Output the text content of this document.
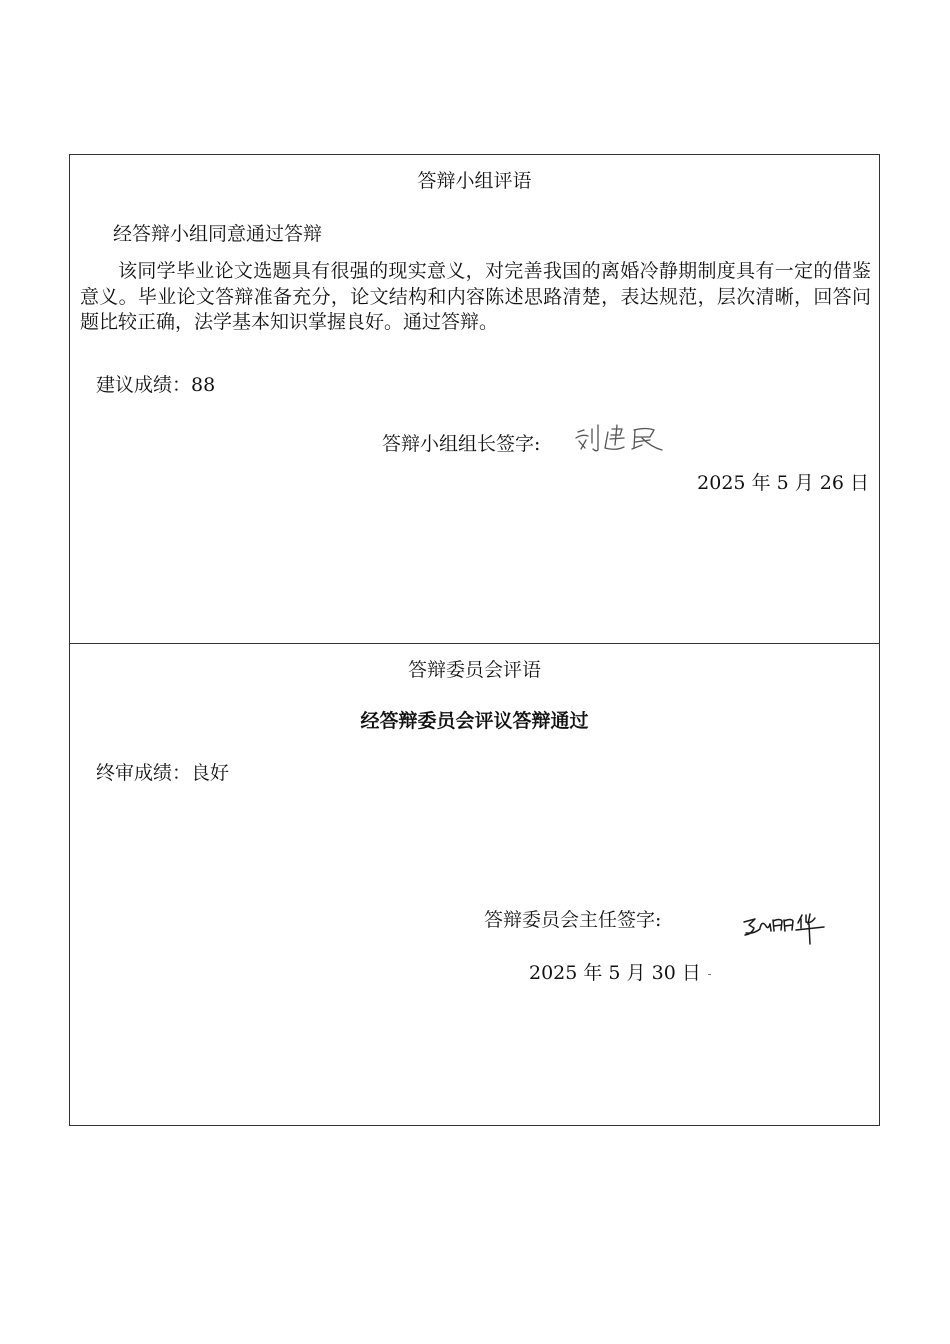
答辩小组评语
经答辩小组同意通过答辩
该同学毕业论文选题具有很强的现实意义，对完善我国的离婚冷静期制度具有一定的借鉴意义。毕业论文答辩准备充分，论文结构和内容陈述思路清楚，表达规范，层次清晰，回答问题比较正确，法学基本知识掌握良好。通过答辩。
建议成绩：88
答辩小组组长签字:
2025 年 5 月 26 日
答辩委员会评语
经答辩委员会评议答辩通过
终审成绩：良好
答辩委员会主任签字:
2025 年 5 月 30 日
